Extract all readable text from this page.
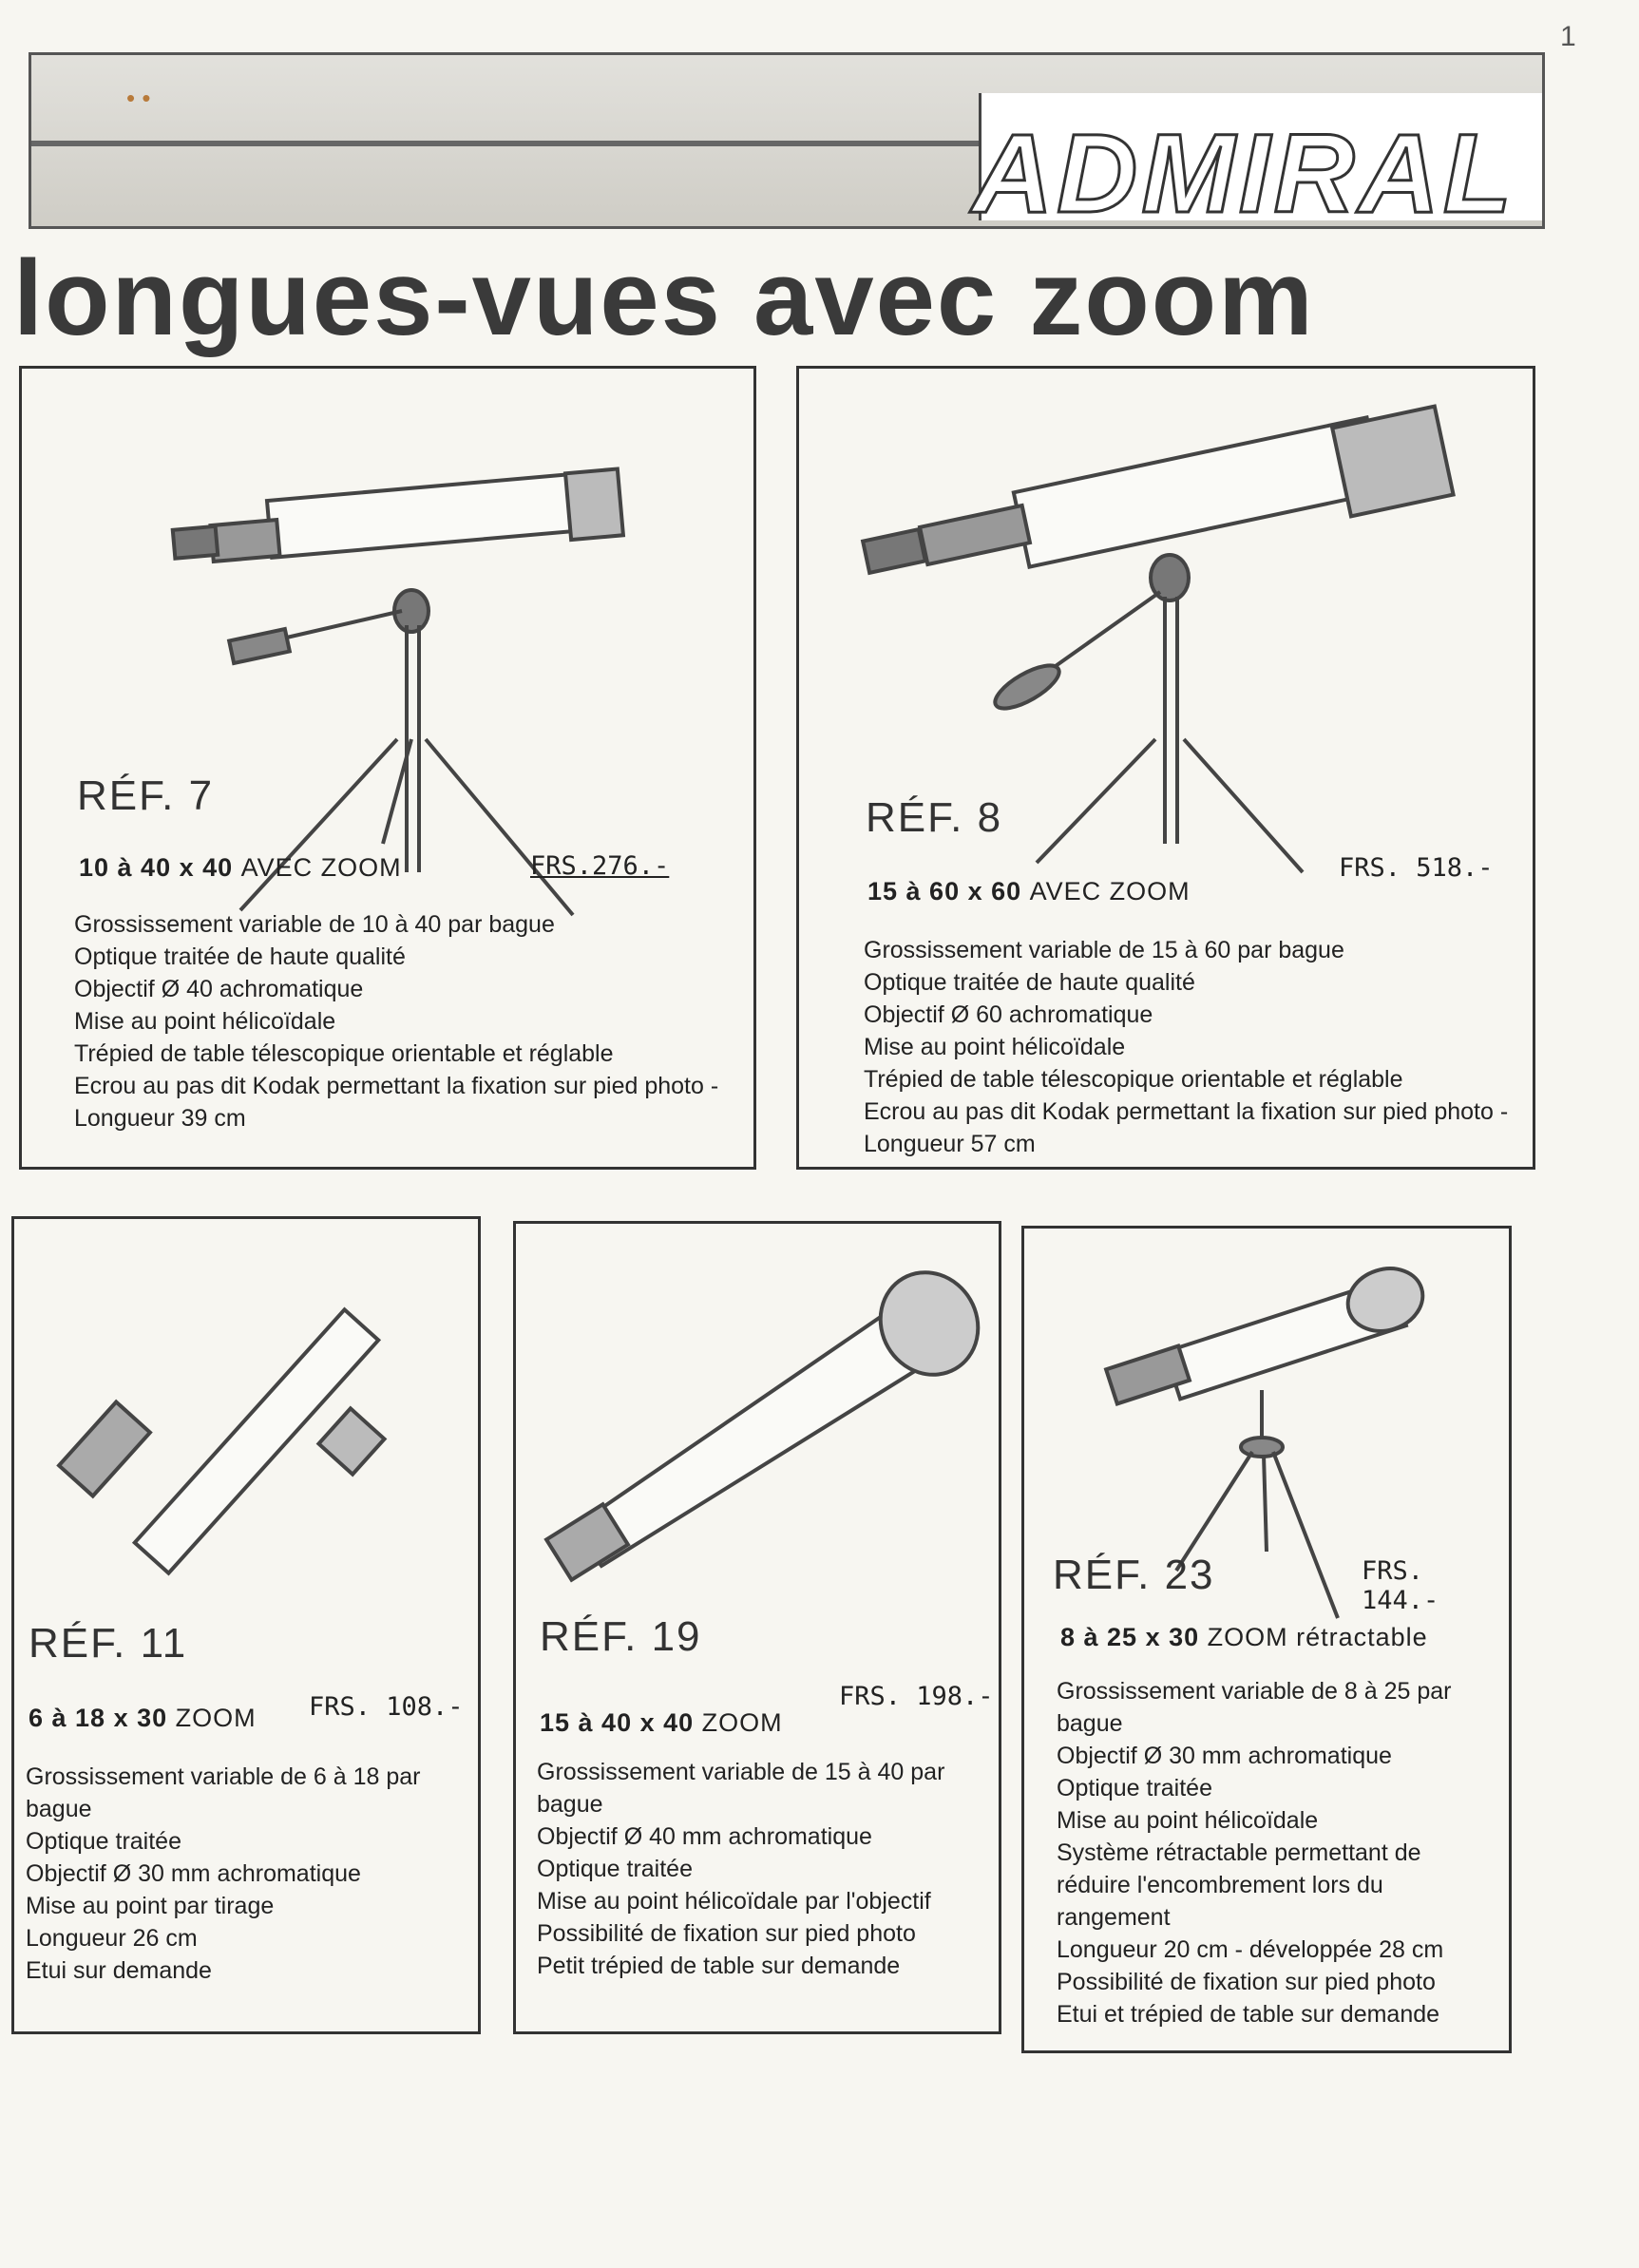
1
• •
ADMIRAL
longues-vues avec zoom
RÉF. 7
10 à 40 x 40 AVEC ZOOM	FRS.276.-
Grossissement variable de 10 à 40 par bague
Optique traitée de haute qualité
Objectif Ø 40 achromatique
Mise au point hélicoïdale
Trépied de table télescopique orientable et réglable
Ecrou au pas dit Kodak permettant la fixation sur pied photo - Longueur 39 cm
RÉF. 8
FRS. 518.-
15 à 60 x 60 AVEC ZOOM
Grossissement variable de 15 à 60 par bague
Optique traitée de haute qualité
Objectif Ø 60 achromatique
Mise au point hélicoïdale
Trépied de table télescopique orientable et réglable
Ecrou au pas dit Kodak permettant la fixation sur pied photo - Longueur 57 cm
RÉF. 11
6 à 18 x 30 ZOOM FRS. 108.-
Grossissement variable de 6 à 18 par bague
Optique traitée
Objectif Ø 30 mm achromatique
Mise au point par tirage
Longueur 26 cm
Etui sur demande
RÉF. 19
FRS. 198.-
15 à 40 x 40 ZOOM
Grossissement variable de 15 à 40 par bague
Objectif Ø 40 mm achromatique
Optique traitée
Mise au point hélicoïdale par l'objectif
Possibilité de fixation sur pied photo
Petit trépied de table sur demande
RÉF. 23	FRS. 144.-
8 à 25 x 30 ZOOM rétractable
Grossissement variable de 8 à 25 par bague
Objectif Ø 30 mm achromatique
Optique traitée
Mise au point hélicoïdale
Système rétractable permettant de réduire l'encombrement lors du rangement
Longueur 20 cm - développée 28 cm
Possibilité de fixation sur pied photo
Etui et trépied de table sur demande
